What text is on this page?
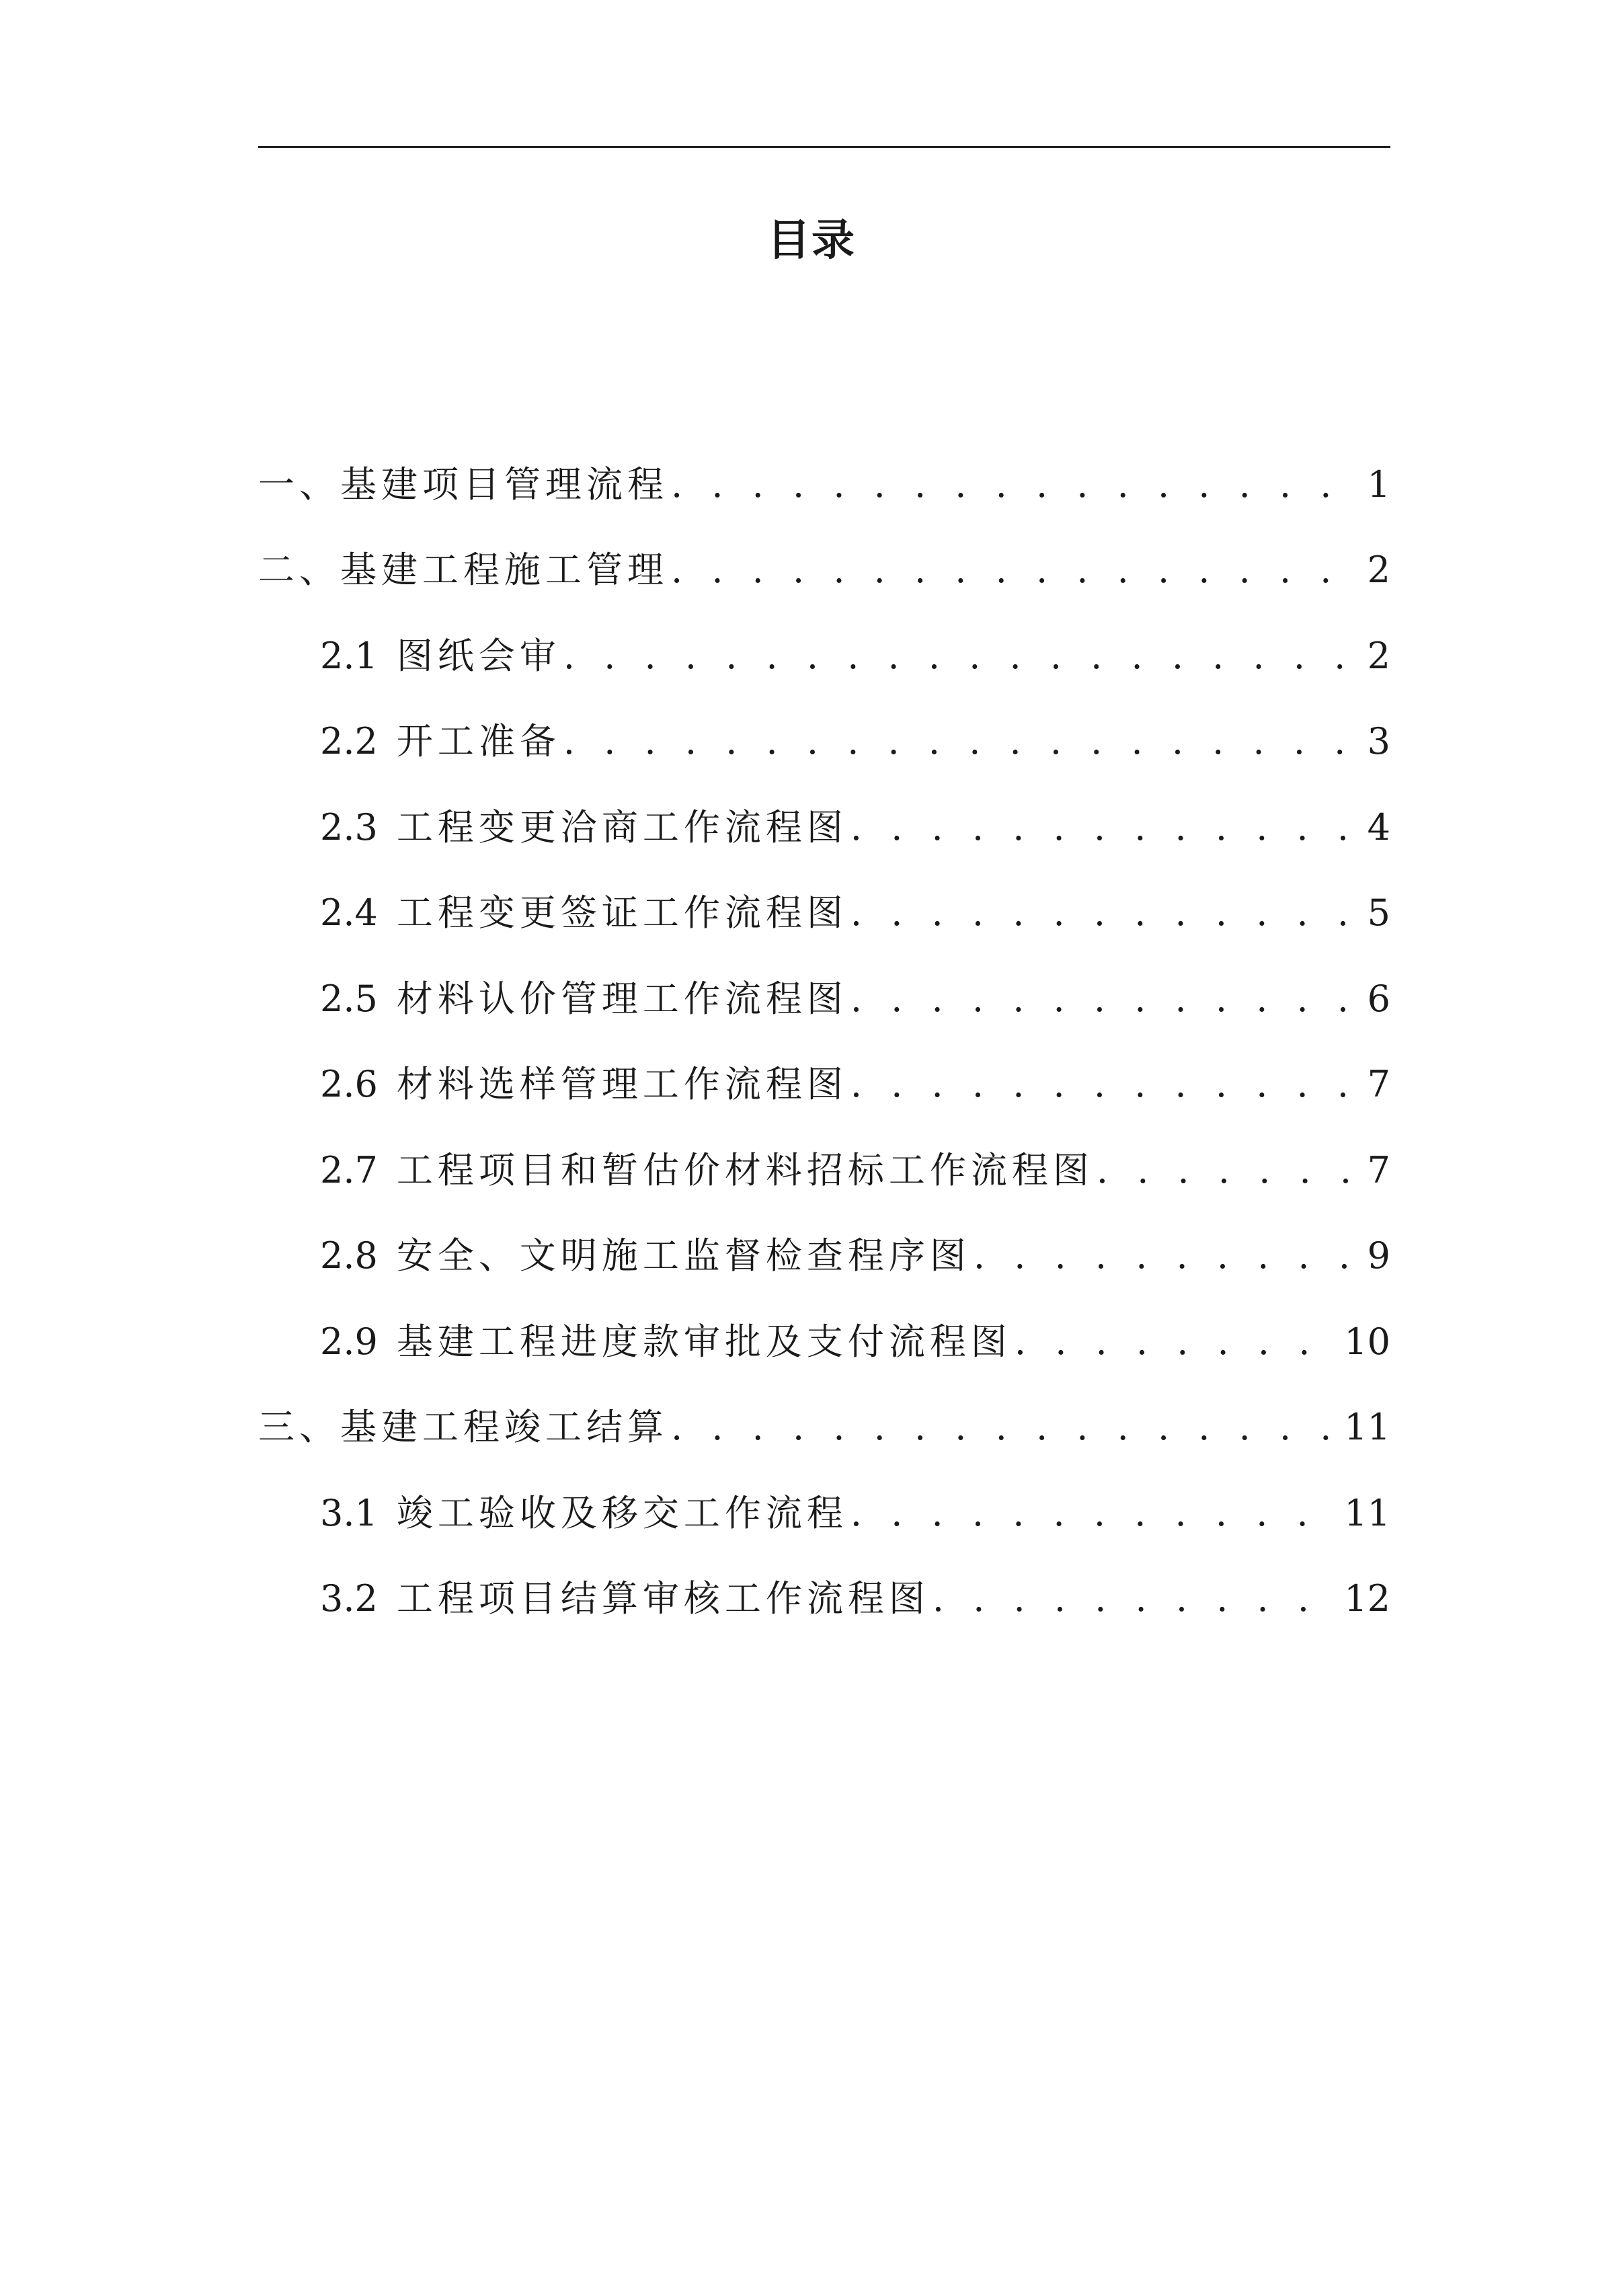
目录
一、基建项目管理流程 . . .	1
二、基建工程施工管理 . . .	2
2.1 图纸会审 . . .	2
2.2 开工准备 . . .	3
2.3 工程变更洽商工作流程图 . . .	4
2.4 工程变更签证工作流程图 . . .	5
2.5 材料认价管理工作流程图 . . .	6
2.6 材料选样管理工作流程图 . . .	7
2.7 工程项目和暂估价材料招标工作流程图 . . .	7
2.8 安全、文明施工监督检查程序图 . . .	9
2.9 基建工程进度款审批及支付流程图 . . .	10
三、基建工程竣工结算 . . .	11
3.1 竣工验收及移交工作流程 . . .	11
3.2 工程项目结算审核工作流程图 . . .	12
